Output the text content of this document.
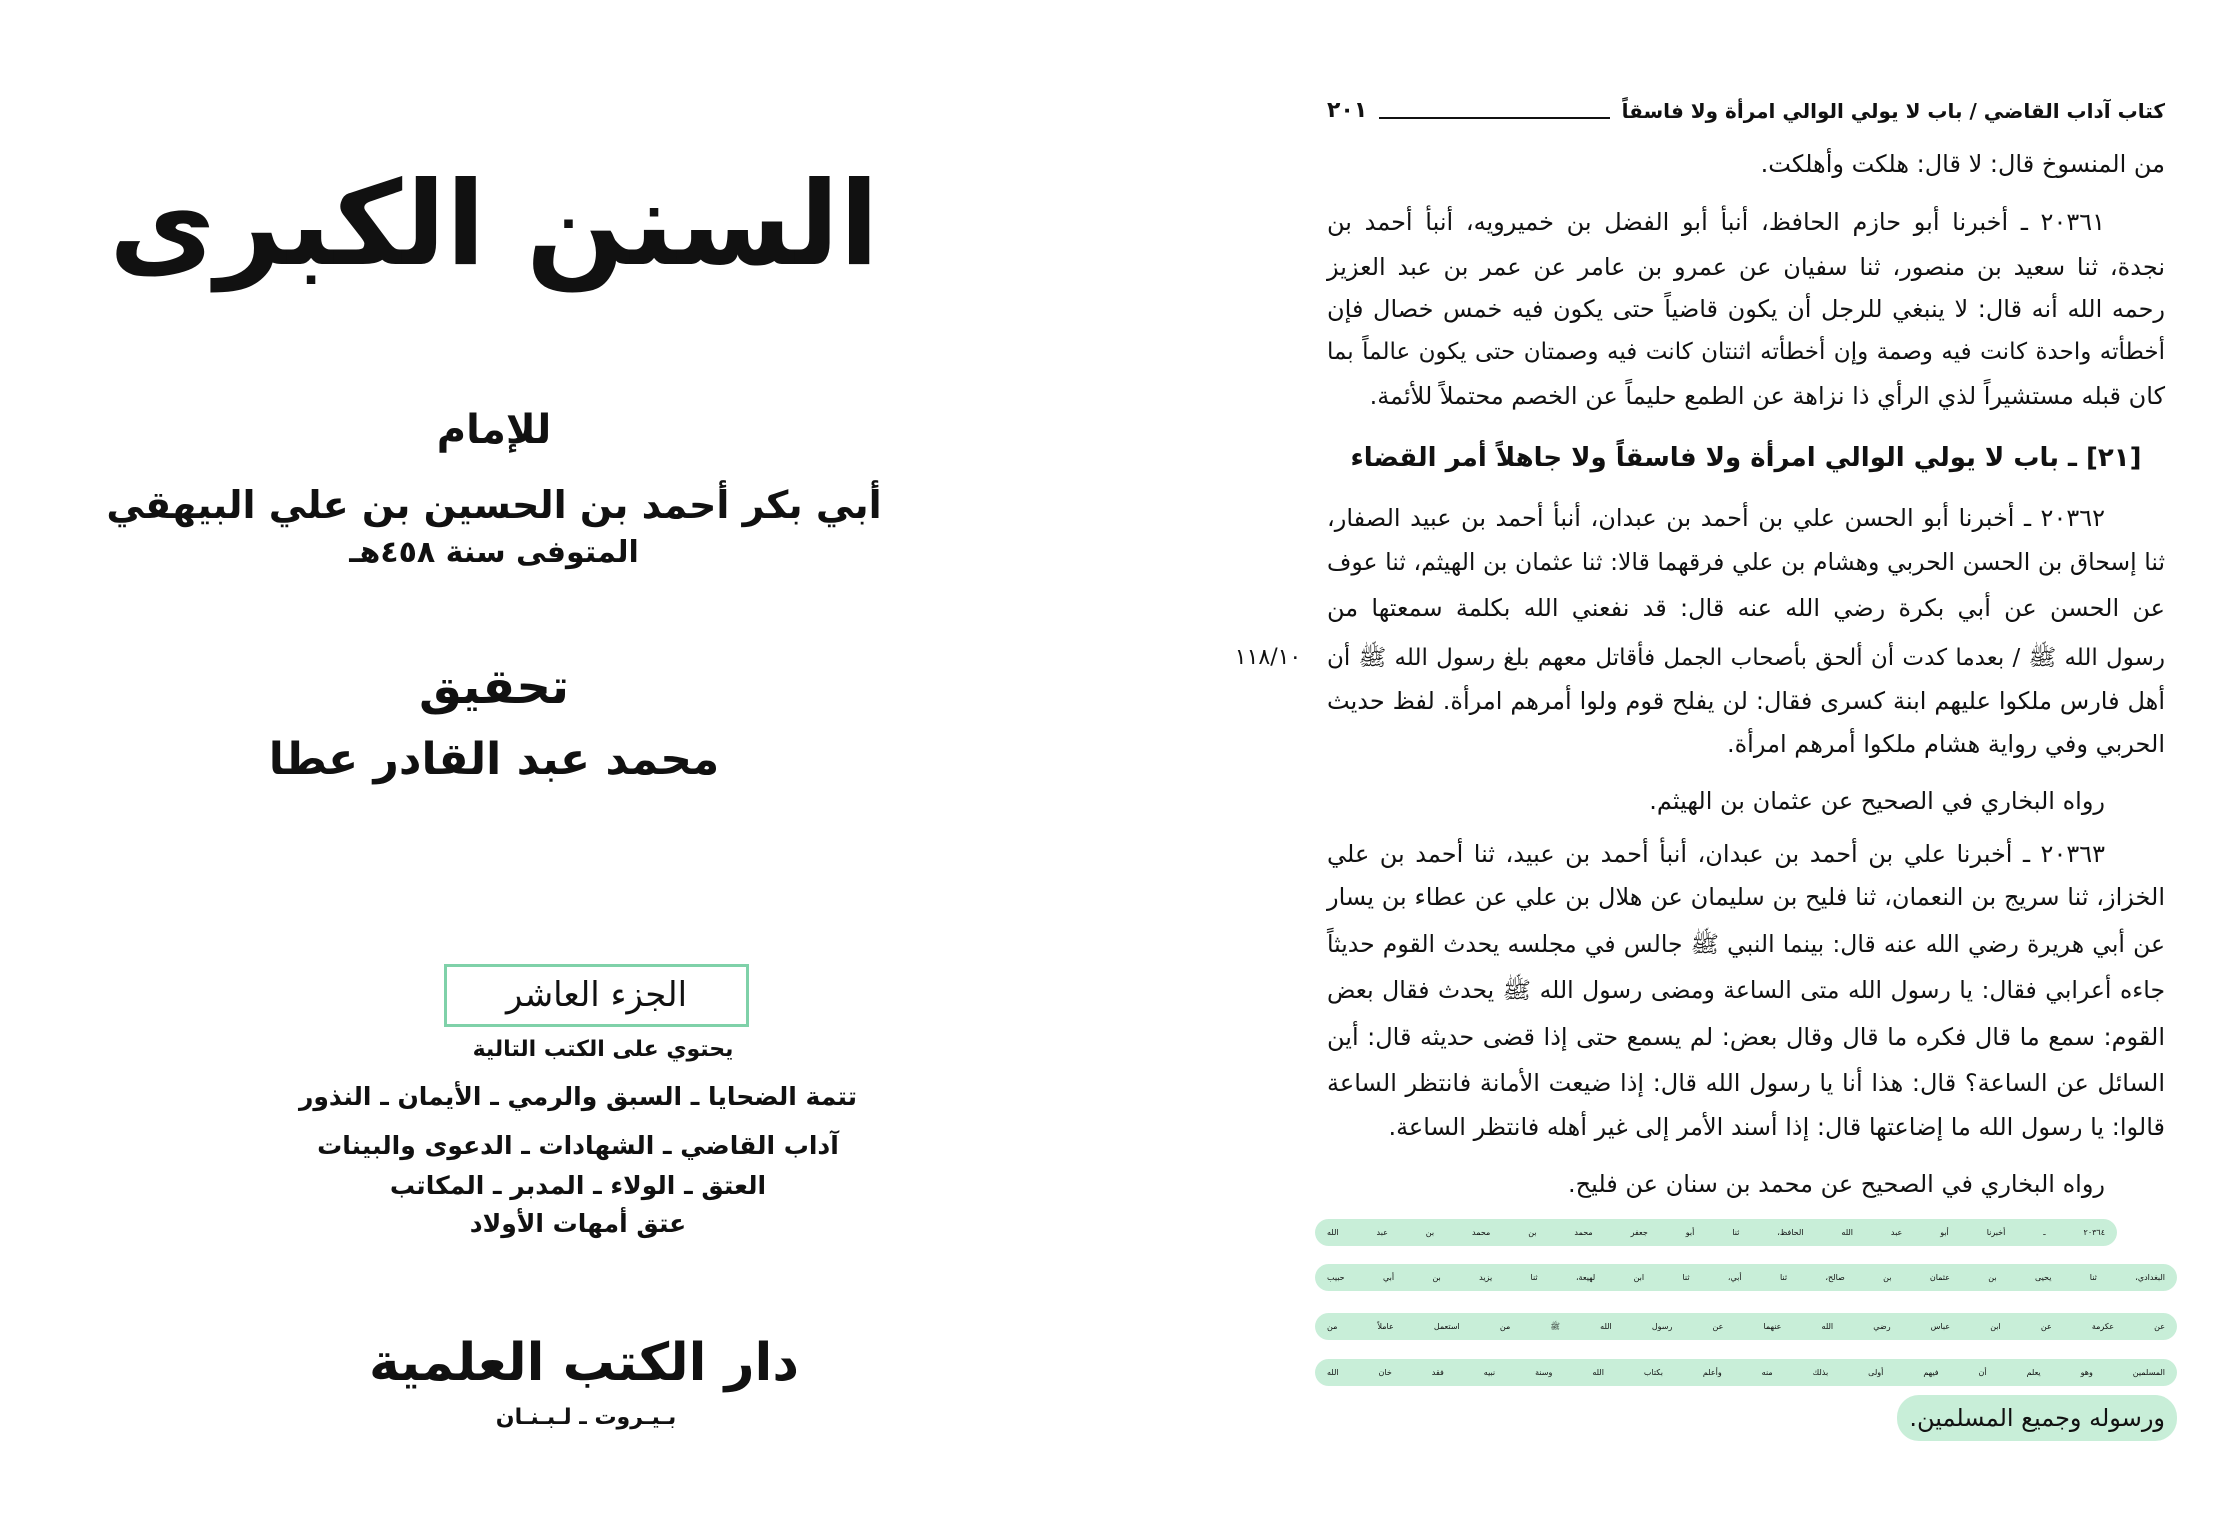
السنن الكبرى
للإمام
أبي بكر أحمد بن الحسين بن علي البيهقي
المتوفى سنة ٤٥٨هـ
تحقيق
محمد عبد القادر عطا
الجزء العاشر
يحتوي على الكتب التالية
تتمة الضحايا ـ السبق والرمي ـ الأيمان ـ النذور
آداب القاضي ـ الشهادات ـ الدعوى والبينات
العتق ـ الولاء ـ المدبر ـ المكاتب
عتق أمهات الأولاد
دار الكتب العلمية
بـيـروت ـ لـبـنـان
كتاب آداب القاضي / باب لا يولي الوالي امرأة ولا فاسقاً
٢٠١
من المنسوخ قال: لا قال: هلكت وأهلكت.
٢٠٣٦١ ـ أخبرنا أبو حازم الحافظ، أنبأ أبو الفضل بن خميرويه، أنبأ أحمد بن
نجدة، ثنا سعيد بن منصور، ثنا سفيان عن عمرو بن عامر عن عمر بن عبد العزيز
رحمه الله أنه قال: لا ينبغي للرجل أن يكون قاضياً حتى يكون فيه خمس خصال فإن
أخطأته واحدة كانت فيه وصمة وإن أخطأته اثنتان كانت فيه وصمتان حتى يكون عالماً بما
كان قبله مستشيراً لذي الرأي ذا نزاهة عن الطمع حليماً عن الخصم محتملاً للأئمة.
[٢١] ـ باب لا يولي الوالي امرأة ولا فاسقاً ولا جاهلاً أمر القضاء
٢٠٣٦٢ ـ أخبرنا أبو الحسن علي بن أحمد بن عبدان، أنبأ أحمد بن عبيد الصفار،
ثنا إسحاق بن الحسن الحربي وهشام بن علي فرقهما قالا: ثنا عثمان بن الهيثم، ثنا عوف
عن الحسن عن أبي بكرة رضي الله عنه قال: قد نفعني الله بكلمة سمعتها من
رسول الله ﷺ / بعدما كدت أن ألحق بأصحاب الجمل فأقاتل معهم بلغ رسول الله ﷺ أن
١١٨/١٠
أهل فارس ملكوا عليهم ابنة كسرى فقال: لن يفلح قوم ولوا أمرهم امرأة. لفظ حديث
الحربي وفي رواية هشام ملكوا أمرهم امرأة.
رواه البخاري في الصحيح عن عثمان بن الهيثم.
٢٠٣٦٣ ـ أخبرنا علي بن أحمد بن عبدان، أنبأ أحمد بن عبيد، ثنا أحمد بن علي
الخزاز، ثنا سريج بن النعمان، ثنا فليح بن سليمان عن هلال بن علي عن عطاء بن يسار
عن أبي هريرة رضي الله عنه قال: بينما النبي ﷺ جالس في مجلسه يحدث القوم حديثاً
جاءه أعرابي فقال: يا رسول الله متى الساعة ومضى رسول الله ﷺ يحدث فقال بعض
القوم: سمع ما قال فكره ما قال وقال بعض: لم يسمع حتى إذا قضى حديثه قال: أين
السائل عن الساعة؟ قال: هذا أنا يا رسول الله قال: إذا ضيعت الأمانة فانتظر الساعة
قالوا: يا رسول الله ما إضاعتها قال: إذا أسند الأمر إلى غير أهله فانتظر الساعة.
رواه البخاري في الصحيح عن محمد بن سنان عن فليح.
٢٠٣٦٤ ـ أخبرنا أبو عبد الله الحافظ، ثنا أبو جعفر محمد بن محمد بن عبد الله
البغدادي، ثنا يحيى بن عثمان بن صالح، ثنا أبي، ثنا ابن لهيعة، ثنا يزيد بن أبي حبيب
عن عكرمة عن ابن عباس رضي الله عنهما عن رسول الله ﷺ من استعمل عاملاً من
المسلمين وهو يعلم أن فيهم أولى بذلك منه وأعلم بكتاب الله وسنة نبيه فقد خان الله
ورسوله وجميع المسلمين.
